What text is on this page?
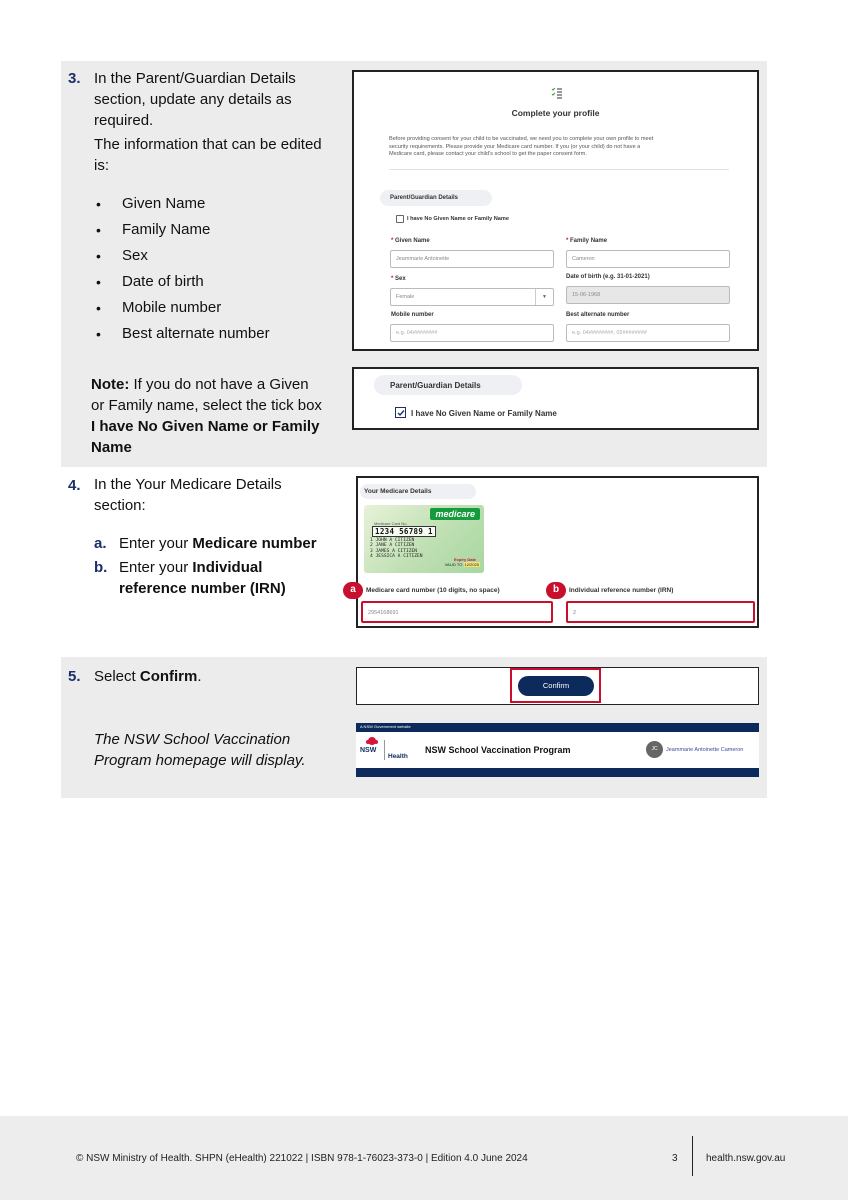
3. In the Parent/Guardian Details
section, update any details as
required.
The information that can be edited
is:
• Given Name
• Family Name
• Sex
• Date of birth
• Mobile number
• Best alternate number
Note: If you do not have a Given
or Family name, select the tick box
I have No Given Name or Family
Name
Complete your profile
Before providing consent for your child to be vaccinated, we need you to complete your own profile to meet
security requirements. Please provide your Medicare card number. If you (or your child) do not have a
Medicare card, please contact your child's school to get the paper consent form.
Parent/Guardian Details
I have No Given Name or Family Name
* Given Name
Jeammarie Antoinette
* Family Name
Cameron
* Sex
Female	▼
Date of birth (e.g. 31-01-2021)
15-06-1968
Mobile number
e.g. 04########
Best alternate number
e.g. 04########, 02########
Parent/Guardian Details
I have No Given Name or Family Name
4. In the Your Medicare Details
section:
a. Enter your Medicare number
b. Enter your Individual
reference number (IRN)
Your Medicare Details
medicare
Medicare Card No.
1234 56789 1
1 JOHN A CITIZEN
2 JANE A CITIZEN
3 JAMES A CITIZEN
4 JESSICA A CITIZEN
Expiry Date
VALID TO 12/2025
a	Medicare card number (10 digits, no space)
2954168691
b	Individual reference number (IRN)
2
5. Select Confirm.
The NSW School Vaccination
Program homepage will display.
Confirm
A NSW Government website
NSW
Health
NSW School Vaccination Program	JC	Jeammarie Antoinette Cameron
© NSW Ministry of Health. SHPN (eHealth) 221022 | ISBN 978-1-76023-373-0 | Edition 4.0 June 2024	3	health.nsw.gov.au
